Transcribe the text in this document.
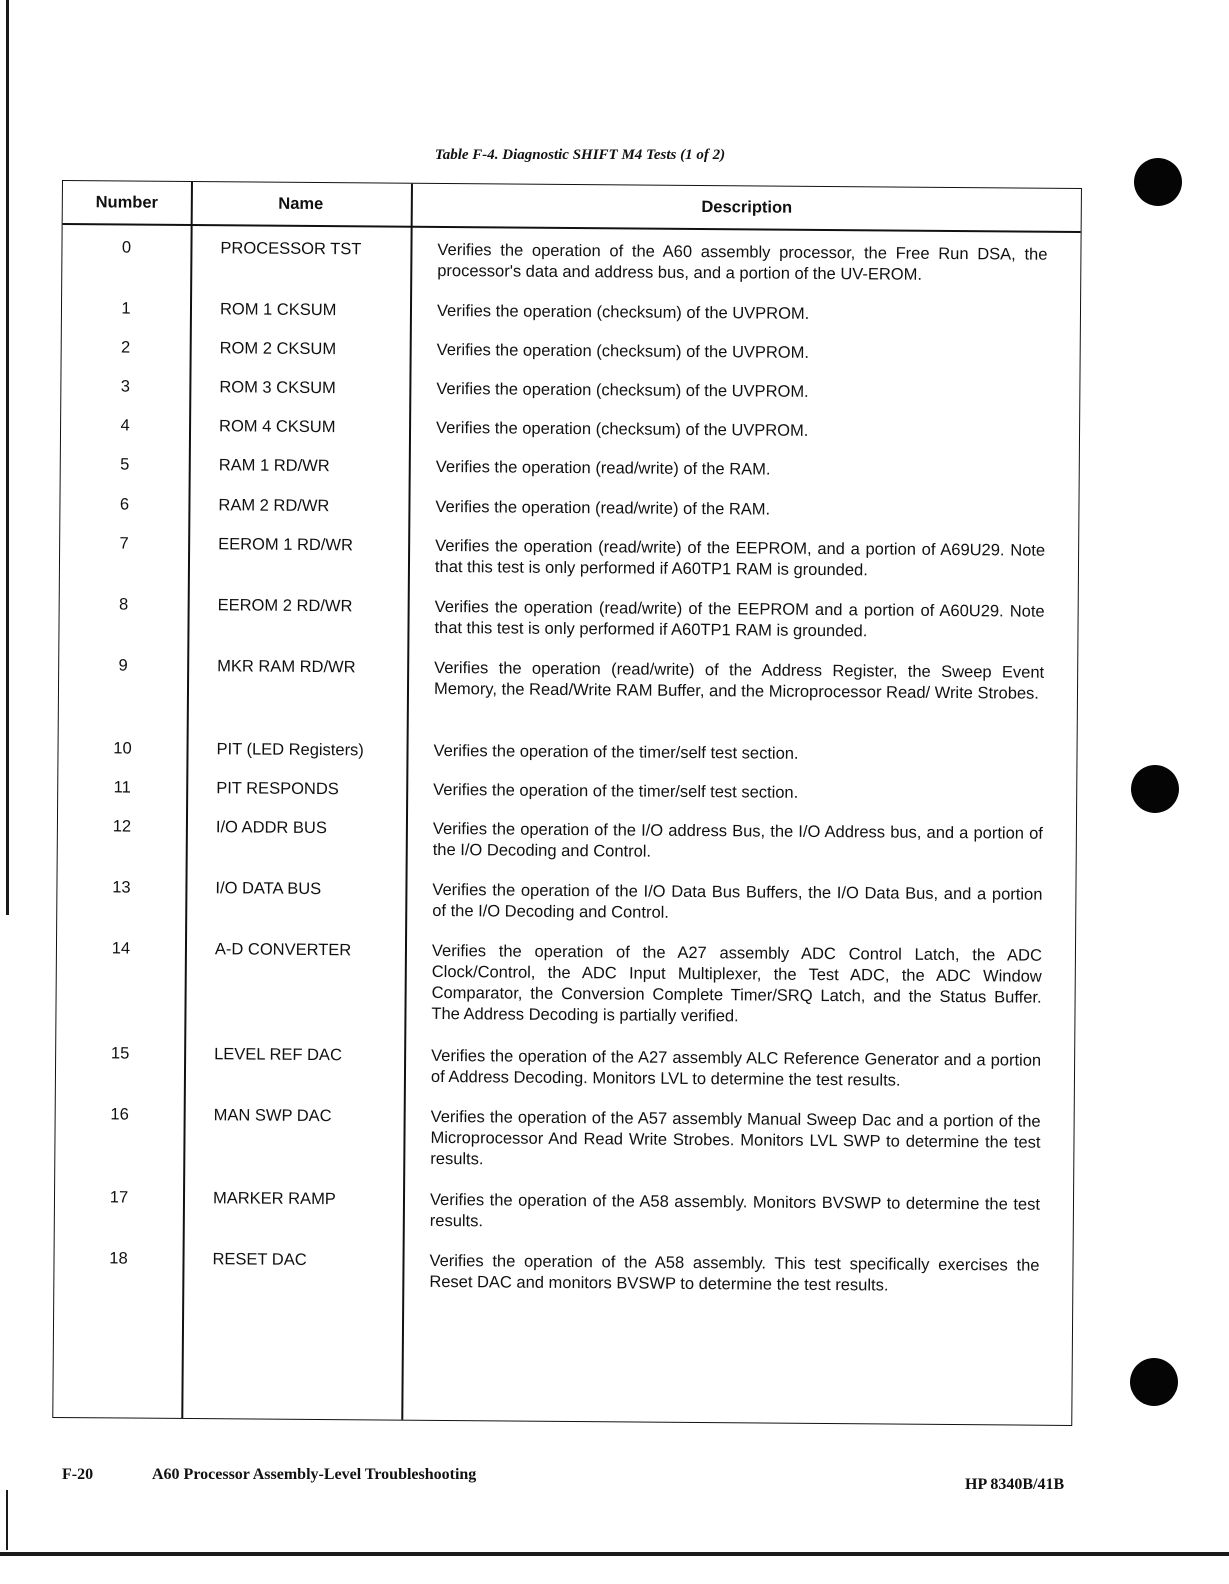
Table F-4. Diagnostic SHIFT M4 Tests (1 of 2)
Number	Name	Description
0	PROCESSOR TST	Verifies the operation of the A60 assembly processor, the Free Run DSA, the processor's data and address bus, and a portion of the UV-EROM.
1	ROM 1 CKSUM	Verifies the operation (checksum) of the UVPROM.
2	ROM 2 CKSUM	Verifies the operation (checksum) of the UVPROM.
3	ROM 3 CKSUM	Verifies the operation (checksum) of the UVPROM.
4	ROM 4 CKSUM	Verifies the operation (checksum) of the UVPROM.
5	RAM 1 RD/WR	Verifies the operation (read/write) of the RAM.
6	RAM 2 RD/WR	Verifies the operation (read/write) of the RAM.
7	EEROM 1 RD/WR	Verifies the operation (read/write) of the EEPROM, and a portion of A69U29. Note that this test is only performed if A60TP1 RAM is grounded.
8	EEROM 2 RD/WR	Verifies the operation (read/write) of the EEPROM and a portion of A60U29. Note that this test is only performed if A60TP1 RAM is grounded.
9	MKR RAM RD/WR	Verifies the operation (read/write) of the Address Register, the Sweep Event Memory, the Read/Write RAM Buffer, and the Microprocessor Read/ Write Strobes.
10	PIT (LED Registers)	Verifies the operation of the timer/self test section.
11	PIT RESPONDS	Verifies the operation of the timer/self test section.
12	I/O ADDR BUS	Verifies the operation of the I/O address Bus, the I/O Address bus, and a portion of the I/O Decoding and Control.
13	I/O DATA BUS	Verifies the operation of the I/O Data Bus Buffers, the I/O Data Bus, and a portion of the I/O Decoding and Control.
14	A-D CONVERTER	Verifies the operation of the A27 assembly ADC Control Latch, the ADC Clock/Control, the ADC Input Multiplexer, the Test ADC, the ADC Window Comparator, the Conversion Complete Timer/SRQ Latch, and the Status Buffer. The Address Decoding is partially verified.
15	LEVEL REF DAC	Verifies the operation of the A27 assembly ALC Reference Generator and a portion of Address Decoding. Monitors LVL to determine the test results.
16	MAN SWP DAC	Verifies the operation of the A57 assembly Manual Sweep Dac and a portion of the Microprocessor And Read Write Strobes. Monitors LVL SWP to determine the test results.
17	MARKER RAMP	Verifies the operation of the A58 assembly. Monitors BVSWP to determine the test results.
18	RESET DAC	Verifies the operation of the A58 assembly. This test specifically exercises the Reset DAC and monitors BVSWP to determine the test results.
F-20	A60 Processor Assembly-Level Troubleshooting
HP 8340B/41B
